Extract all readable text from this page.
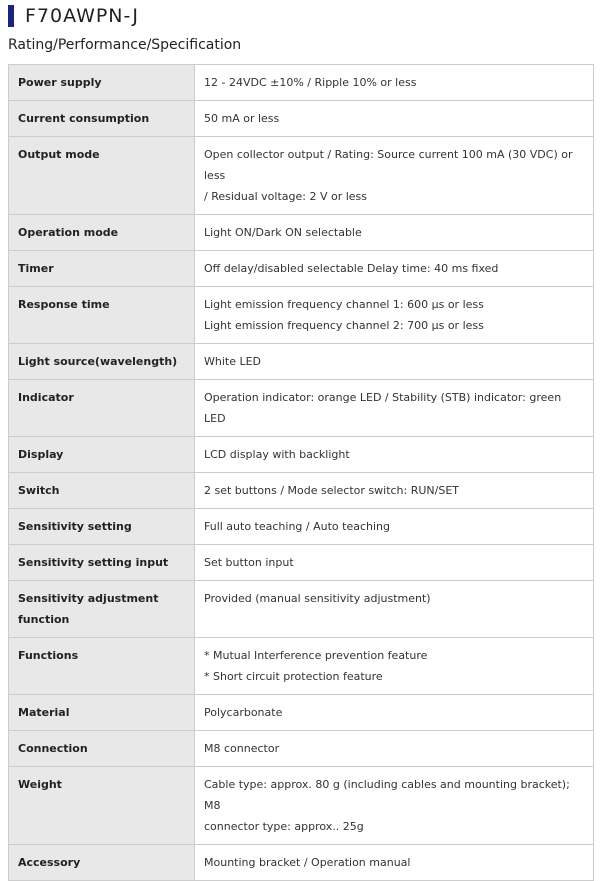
F70AWPN-J
Rating/Performance/Specification
Power supply	12 - 24VDC ±10% / Ripple 10% or less

Current consumption	50 mA or less

Output mode	Open collector output / Rating: Source current 100 mA (30 VDC) or less
/ Residual voltage: 2 V or less

Operation mode	Light ON/Dark ON selectable

Timer	Off delay/disabled selectable Delay time: 40 ms fixed

Response time	Light emission frequency channel 1: 600 μs or less
Light emission frequency channel 2: 700 μs or less

Light source(wavelength)	White LED

Indicator	Operation indicator: orange LED / Stability (STB) indicator: green LED

Display	LCD display with backlight

Switch	2 set buttons / Mode selector switch: RUN/SET

Sensitivity setting	Full auto teaching / Auto teaching

Sensitivity setting input	Set button input

Sensitivity adjustment function	Provided (manual sensitivity adjustment)

Functions	* Mutual Interference prevention feature
* Short circuit protection feature

Material	Polycarbonate

Connection	M8 connector

Weight	Cable type: approx. 80 g (including cables and mounting bracket); M8
connector type: approx.. 25g

Accessory	Mounting bracket / Operation manual
